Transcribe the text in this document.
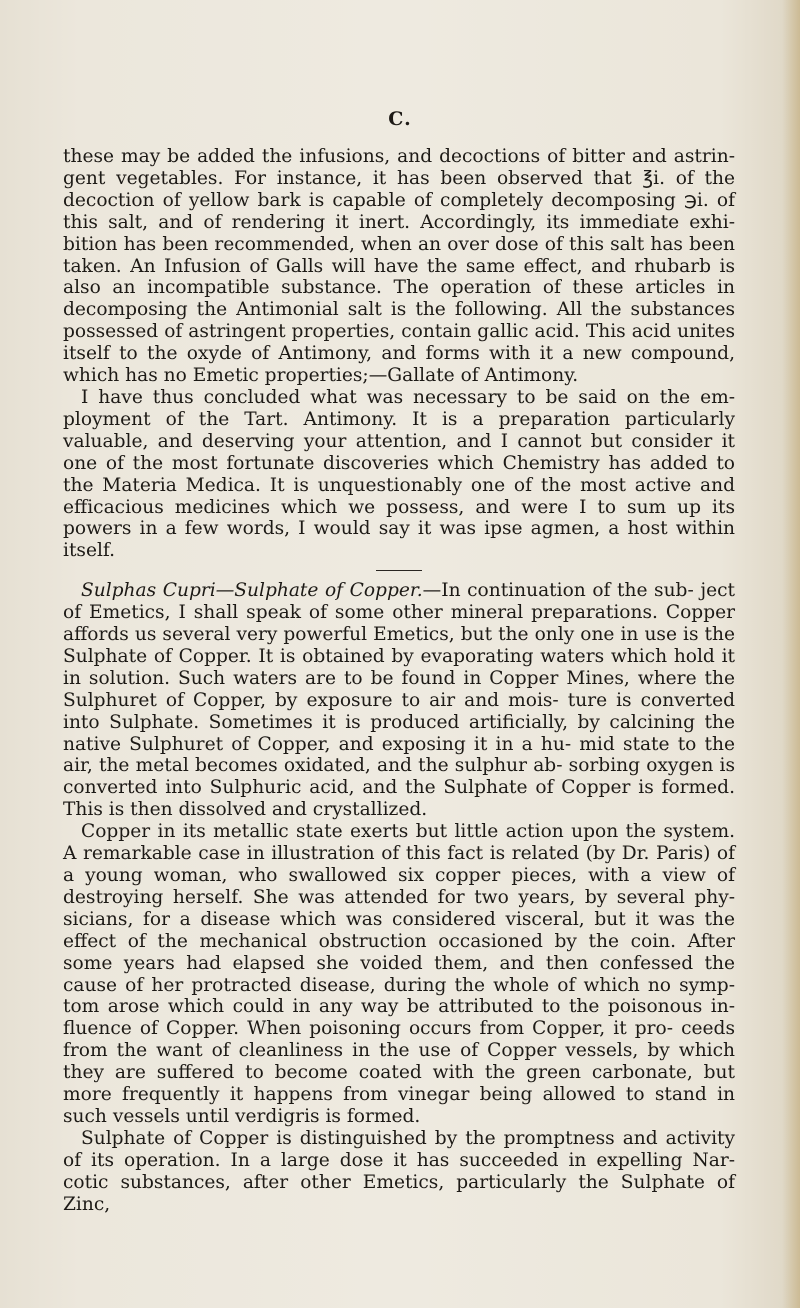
C.

these may be added the infusions, and decoctions of bitter and astrin- gent vegetables. For instance, it has been observed that ℥i. of the decoction of yellow bark is capable of completely decomposing ℈i. of this salt, and of rendering it inert. Accordingly, its immediate exhi- bition has been recommended, when an over dose of this salt has been taken. An Infusion of Galls will have the same effect, and rhubarb is also an incompatible substance. The operation of these articles in decomposing the Antimonial salt is the following. All the substances possessed of astringent properties, contain gallic acid. This acid unites itself to the oxyde of Antimony, and forms with it a new compound, which has no Emetic properties;—Gallate of Antimony.

I have thus concluded what was necessary to be said on the em- ployment of the Tart. Antimony. It is a preparation particularly valuable, and deserving your attention, and I cannot but consider it one of the most fortunate discoveries which Chemistry has added to the Materia Medica. It is unquestionably one of the most active and efficacious medicines which we possess, and were I to sum up its powers in a few words, I would say it was ipse agmen, a host within itself.

Sulphas Cupri—Sulphate of Copper.—In continuation of the sub- ject of Emetics, I shall speak of some other mineral preparations. Copper affords us several very powerful Emetics, but the only one in use is the Sulphate of Copper. It is obtained by evaporating waters which hold it in solution. Such waters are to be found in Copper Mines, where the Sulphuret of Copper, by exposure to air and mois- ture is converted into Sulphate. Sometimes it is produced artificially, by calcining the native Sulphuret of Copper, and exposing it in a hu- mid state to the air, the metal becomes oxidated, and the sulphur ab- sorbing oxygen is converted into Sulphuric acid, and the Sulphate of Copper is formed. This is then dissolved and crystallized.

Copper in its metallic state exerts but little action upon the system. A remarkable case in illustration of this fact is related (by Dr. Paris) of a young woman, who swallowed six copper pieces, with a view of destroying herself. She was attended for two years, by several phy- sicians, for a disease which was considered visceral, but it was the effect of the mechanical obstruction occasioned by the coin. After some years had elapsed she voided them, and then confessed the cause of her protracted disease, during the whole of which no symp- tom arose which could in any way be attributed to the poisonous in- fluence of Copper. When poisoning occurs from Copper, it pro- ceeds from the want of cleanliness in the use of Copper vessels, by which they are suffered to become coated with the green carbonate, but more frequently it happens from vinegar being allowed to stand in such vessels until verdigris is formed.

Sulphate of Copper is distinguished by the promptness and activity of its operation. In a large dose it has succeeded in expelling Nar- cotic substances, after other Emetics, particularly the Sulphate of Zinc,
